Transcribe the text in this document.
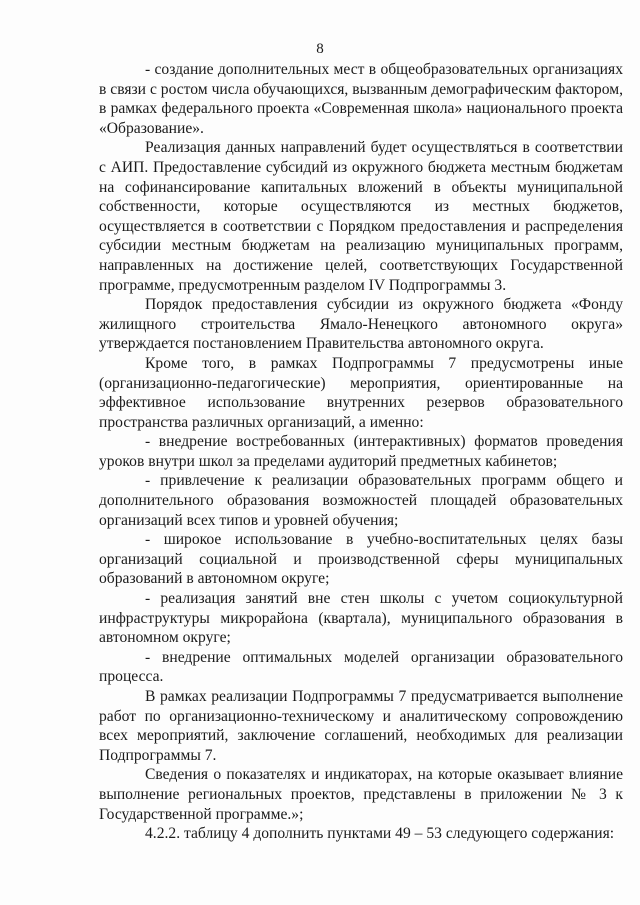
8

- создание дополнительных мест в общеобразовательных организациях в связи с ростом числа обучающихся, вызванным демографическим фактором, в рамках федерального проекта «Современная школа» национального проекта «Образование».

Реализация данных направлений будет осуществляться в соответствии с АИП. Предоставление субсидий из окружного бюджета местным бюджетам на софинансирование капитальных вложений в объекты муниципальной собственности, которые осуществляются из местных бюджетов, осуществляется в соответствии с Порядком предоставления и распределения субсидии местным бюджетам на реализацию муниципальных программ, направленных на достижение целей, соответствующих Государственной программе, предусмотренным разделом IV Подпрограммы 3.

Порядок предоставления субсидии из окружного бюджета «Фонду жилищного строительства Ямало-Ненецкого автономного округа» утверждается постановлением Правительства автономного округа.

Кроме того, в рамках Подпрограммы 7 предусмотрены иные (организационно-педагогические) мероприятия, ориентированные на эффективное использование внутренних резервов образовательного пространства различных организаций, а именно:

- внедрение востребованных (интерактивных) форматов проведения уроков внутри школ за пределами аудиторий предметных кабинетов;

- привлечение к реализации образовательных программ общего и дополнительного образования возможностей площадей образовательных организаций всех типов и уровней обучения;

- широкое использование в учебно-воспитательных целях базы организаций социальной и производственной сферы муниципальных образований в автономном округе;

- реализация занятий вне стен школы с учетом социокультурной инфраструктуры микрорайона (квартала), муниципального образования в автономном округе;

- внедрение оптимальных моделей организации образовательного процесса.

В рамках реализации Подпрограммы 7 предусматривается выполнение работ по организационно-техническому и аналитическому сопровождению всех мероприятий, заключение соглашений, необходимых для реализации Подпрограммы 7.

Сведения о показателях и индикаторах, на которые оказывает влияние выполнение региональных проектов, представлены в приложении № 3 к Государственной программе.»;

4.2.2. таблицу 4 дополнить пунктами 49 – 53 следующего содержания:
